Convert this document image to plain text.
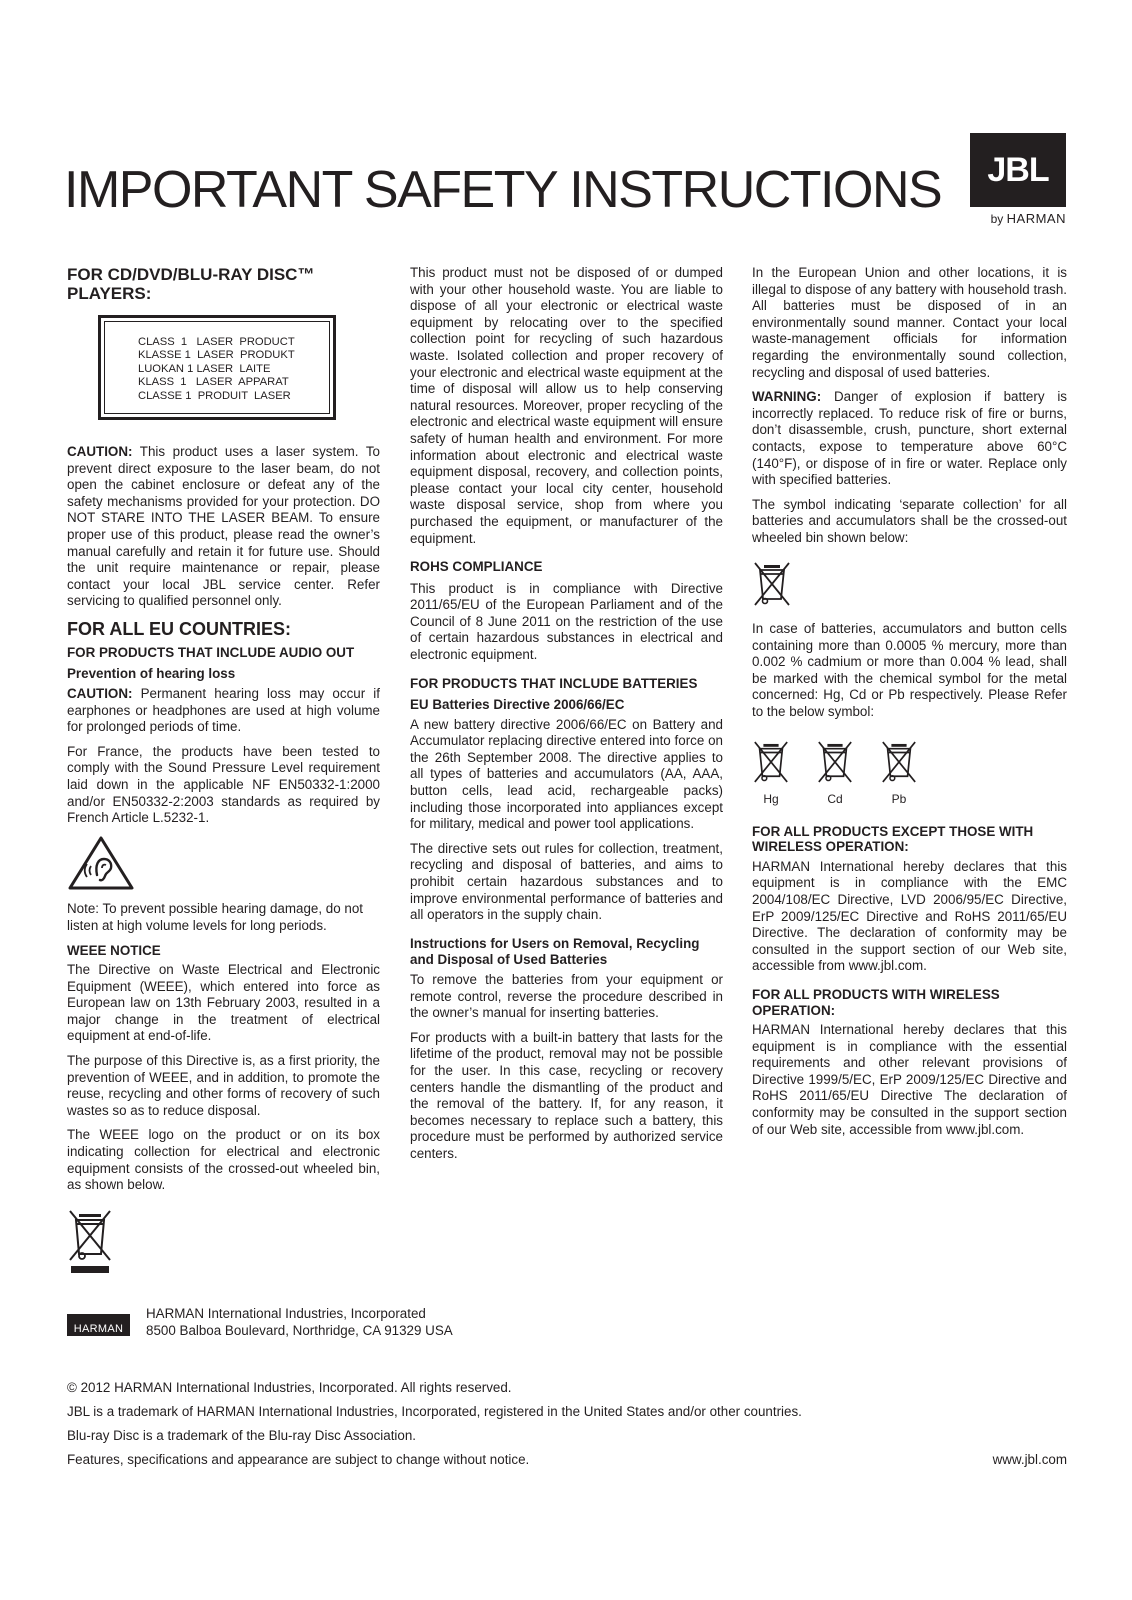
IMPORTANT SAFETY INSTRUCTIONS	JBL
by HARMAN
FOR CD/DVD/BLU-RAY DISC™ PLAYERS:
CLASS  1   LASER  PRODUCT
KLASSE 1  LASER  PRODUKT
LUOKAN 1 LASER  LAITE
KLASS  1   LASER  APPARAT
CLASSE 1  PRODUIT  LASER

CAUTION: This product uses a laser system. To prevent direct exposure to the laser beam, do not open the cabinet enclosure or defeat any of the safety mechanisms provided for your protection. DO NOT STARE INTO THE LASER BEAM. To ensure proper use of this product, please read the owner’s manual carefully and retain it for future use. Should the unit require maintenance or repair, please contact your local JBL service center. Refer servicing to qualified personnel only.

FOR ALL EU COUNTRIES:
FOR PRODUCTS THAT INCLUDE AUDIO OUT
Prevention of hearing loss

CAUTION: Permanent hearing loss may occur if earphones or headphones are used at high volume for prolonged periods of time.

For France, the products have been tested to comply with the Sound Pressure Level requirement laid down in the applicable NF EN50332-1:2000 and/or EN50332-2:2003 standards as required by French Article L.5232-1.

Note: To prevent possible hearing damage, do not listen at high volume levels for long periods.

WEEE NOTICE

The Directive on Waste Electrical and Electronic Equipment (WEEE), which entered into force as European law on 13th February 2003, resulted in a major change in the treatment of electrical equipment at end-of-life.

The purpose of this Directive is, as a first priority, the prevention of WEEE, and in addition, to promote the reuse, recycling and other forms of recovery of such wastes so as to reduce disposal.

The WEEE logo on the product or on its box indicating collection for electrical and electronic equipment consists of the crossed-out wheeled bin, as shown below.

This product must not be disposed of or dumped with your other household waste. You are liable to dispose of all your electronic or electrical waste equipment by relocating over to the specified collection point for recycling of such hazardous waste. Isolated collection and proper recovery of your electronic and electrical waste equipment at the time of disposal will allow us to help conserving natural resources. Moreover, proper recycling of the electronic and electrical waste equipment will ensure safety of human health and environment. For more information about electronic and electrical waste equipment disposal, recovery, and collection points, please contact your local city center, household waste disposal service, shop from where you purchased the equipment, or manufacturer of the equipment.

ROHS COMPLIANCE

This product is in compliance with Directive 2011/65/EU of the European Parliament and of the Council of 8 June 2011 on the restriction of the use of certain hazardous substances in electrical and electronic equipment.

FOR PRODUCTS THAT INCLUDE BATTERIES
EU Batteries Directive 2006/66/EC

A new battery directive 2006/66/EC on Battery and Accumulator replacing directive entered into force on the 26th September 2008. The directive applies to all types of batteries and accumulators (AA, AAA, button cells, lead acid, rechargeable packs) including those incorporated into appliances except for military, medical and power tool applications.

The directive sets out rules for collection, treatment, recycling and disposal of batteries, and aims to prohibit certain hazardous substances and to improve environmental performance of batteries and all operators in the supply chain.

Instructions for Users on Removal, Recycling and Disposal of Used Batteries

To remove the batteries from your equipment or remote control, reverse the procedure described in the owner’s manual for inserting batteries.

For products with a built-in battery that lasts for the lifetime of the product, removal may not be possible for the user. In this case, recycling or recovery centers handle the dismantling of the product and the removal of the battery. If, for any reason, it becomes necessary to replace such a battery, this procedure must be performed by authorized service centers.

In the European Union and other locations, it is illegal to dispose of any battery with household trash. All batteries must be disposed of in an environmentally sound manner. Contact your local waste-management officials for information regarding the environmentally sound collection, recycling and disposal of used batteries.

WARNING: Danger of explosion if battery is incorrectly replaced. To reduce risk of fire or burns, don’t disassemble, crush, puncture, short external contacts, expose to temperature above 60°C (140°F), or dispose of in fire or water. Replace only with specified batteries.

The symbol indicating ‘separate collection’ for all batteries and accumulators shall be the crossed-out wheeled bin shown below:

In case of batteries, accumulators and button cells containing more than 0.0005 % mercury, more than 0.002 % cadmium or more than 0.004 % lead, shall be marked with the chemical symbol for the metal concerned: Hg, Cd or Pb respectively. Please Refer to the below symbol:

Hg	Cd	Pb
FOR ALL PRODUCTS EXCEPT THOSE WITH WIRELESS OPERATION:

HARMAN International hereby declares that this equipment is in compliance with the EMC 2004/108/EC Directive, LVD 2006/95/EC Directive, ErP 2009/125/EC Directive and RoHS 2011/65/EU Directive. The declaration of conformity may be consulted in the support section of our Web site, accessible from www.jbl.com.

FOR ALL PRODUCTS WITH WIRELESS OPERATION:

HARMAN International hereby declares that this equipment is in compliance with the essential requirements and other relevant provisions of Directive 1999/5/EC, ErP 2009/125/EC Directive and RoHS 2011/65/EU Directive The declaration of conformity may be consulted in the support section of our Web site, accessible from www.jbl.com.

HARMAN
HARMAN International Industries, Incorporated
8500 Balboa Boulevard, Northridge, CA 91329 USA
© 2012 HARMAN International Industries, Incorporated. All rights reserved.
JBL is a trademark of HARMAN International Industries, Incorporated, registered in the United States and/or other countries.
Blu-ray Disc is a trademark of the Blu-ray Disc Association.
Features, specifications and appearance are subject to change without notice.	www.jbl.com
